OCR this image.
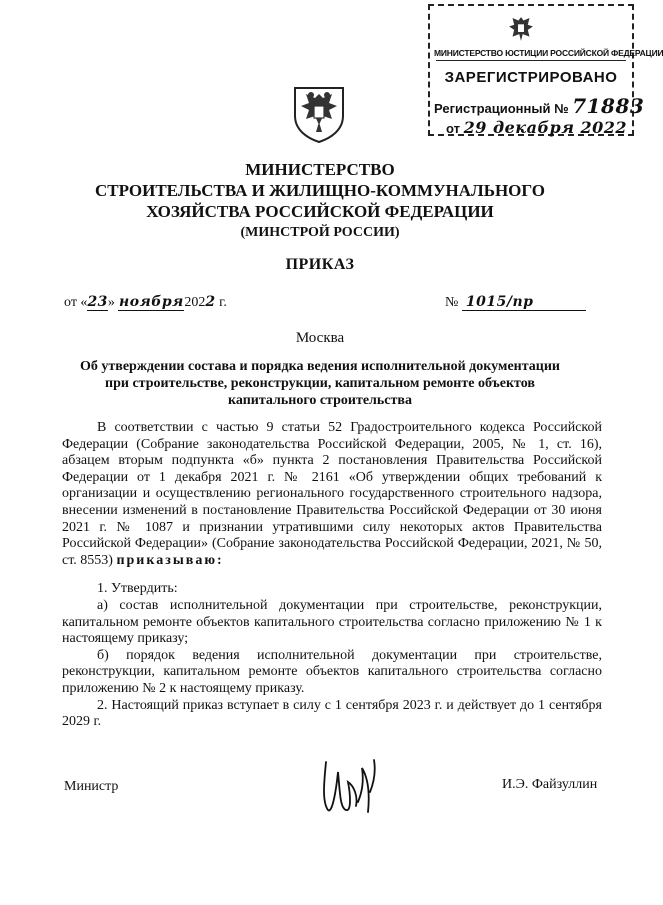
МИНИСТЕРСТВО ЮСТИЦИИ РОССИЙСКОЙ ФЕДЕРАЦИИ
ЗАРЕГИСТРИРОВАНО
Регистрационный № 71883
от 29 декабря 2022
МИНИСТЕРСТВО
СТРОИТЕЛЬСТВА И ЖИЛИЩНО-КОММУНАЛЬНОГО
ХОЗЯЙСТВА РОССИЙСКОЙ ФЕДЕРАЦИИ
(МИНСТРОЙ РОССИИ)
ПРИКАЗ
от «23» ноября2022 г.	№ 1015/пр
Москва
Об утверждении состава и порядка ведения исполнительной документации
при строительстве, реконструкции, капитальном ремонте объектов
капитального строительства

В соответствии с частью 9 статьи 52 Градостроительного кодекса Российской Федерации (Собрание законодательства Российской Федерации, 2005, № 1, ст. 16), абзацем вторым подпункта «б» пункта 2 постановления Правительства Российской Федерации от 1 декабря 2021 г. № 2161 «Об утверждении общих требований к организации и осуществлению регионального государственного строительного надзора, внесении изменений в постановление Правительства Российской Федерации от 30 июня 2021 г. № 1087 и признании утратившими силу некоторых актов Правительства Российской Федерации» (Собрание законодательства Российской Федерации, 2021, № 50, ст. 8553) приказываю:

1. Утвердить:

а) состав исполнительной документации при строительстве, реконструкции, капитальном ремонте объектов капитального строительства согласно приложению № 1 к настоящему приказу;

б) порядок ведения исполнительной документации при строительстве, реконструкции, капитальном ремонте объектов капитального строительства согласно приложению № 2 к настоящему приказу.

2. Настоящий приказ вступает в силу с 1 сентября 2023 г. и действует до 1 сентября 2029 г.

Министр	И.Э. Файзуллин
